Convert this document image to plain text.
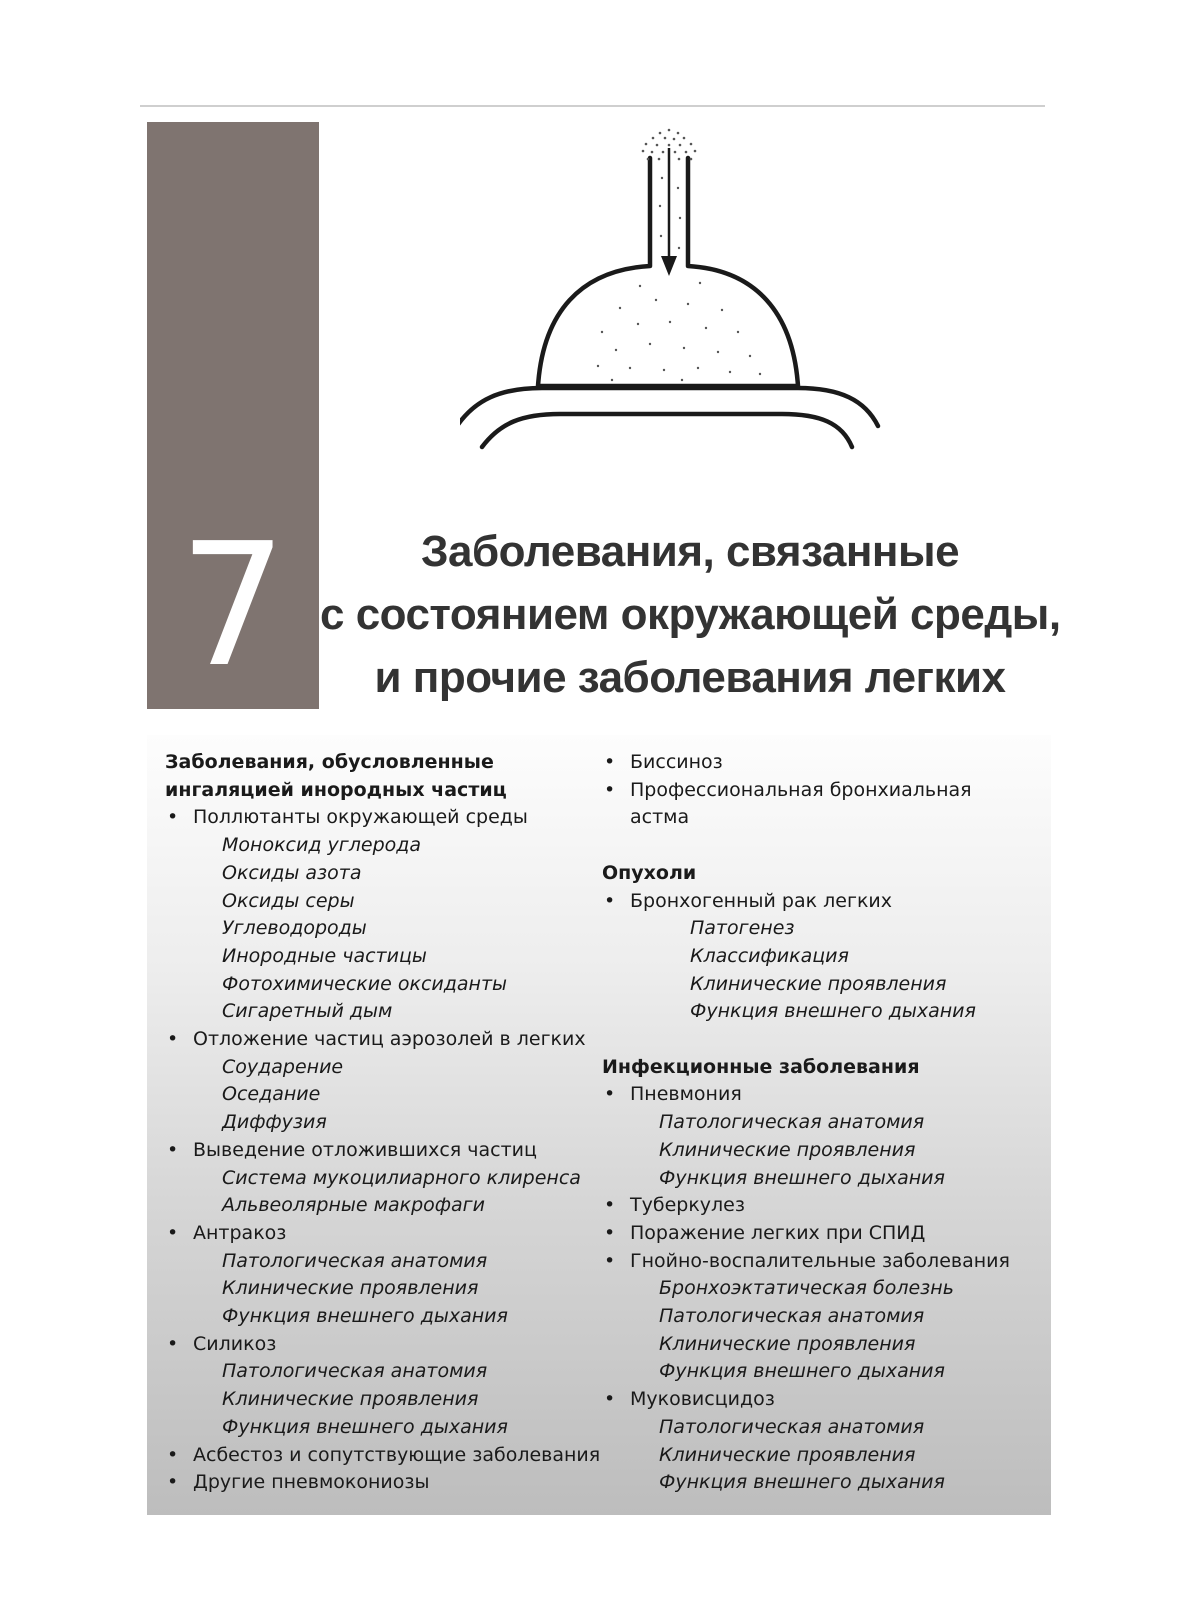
7	Заболевания, связанные
с состоянием окружающей среды,
и прочие заболевания легких
Заболевания, обусловленные
ингаляцией инородных частиц
• Поллютанты окружающей среды
Моноксид углерода
Оксиды азота
Оксиды серы
Углеводороды
Инородные частицы
Фотохимические оксиданты
Сигаретный дым
• Отложение частиц аэрозолей в легких
Соударение
Оседание
Диффузия
• Выведение отложившихся частиц
Система мукоцилиарного клиренса
Альвеолярные макрофаги
• Антракоз
Патологическая анатомия
Клинические проявления
Функция внешнего дыхания
• Силикоз
Патологическая анатомия
Клинические проявления
Функция внешнего дыхания
• Асбестоз и сопутствующие заболевания
• Другие пневмокониозы
• Биссиноз
• Профессиональная бронхиальная
астма
Опухоли
• Бронхогенный рак легких
Патогенез
Классификация
Клинические проявления
Функция внешнего дыхания
Инфекционные заболевания
• Пневмония
Патологическая анатомия
Клинические проявления
Функция внешнего дыхания
• Туберкулез
• Поражение легких при СПИД
• Гнойно-воспалительные заболевания
Бронхоэктатическая болезнь
Патологическая анатомия
Клинические проявления
Функция внешнего дыхания
• Муковисцидоз
Патологическая анатомия
Клинические проявления
Функция внешнего дыхания
